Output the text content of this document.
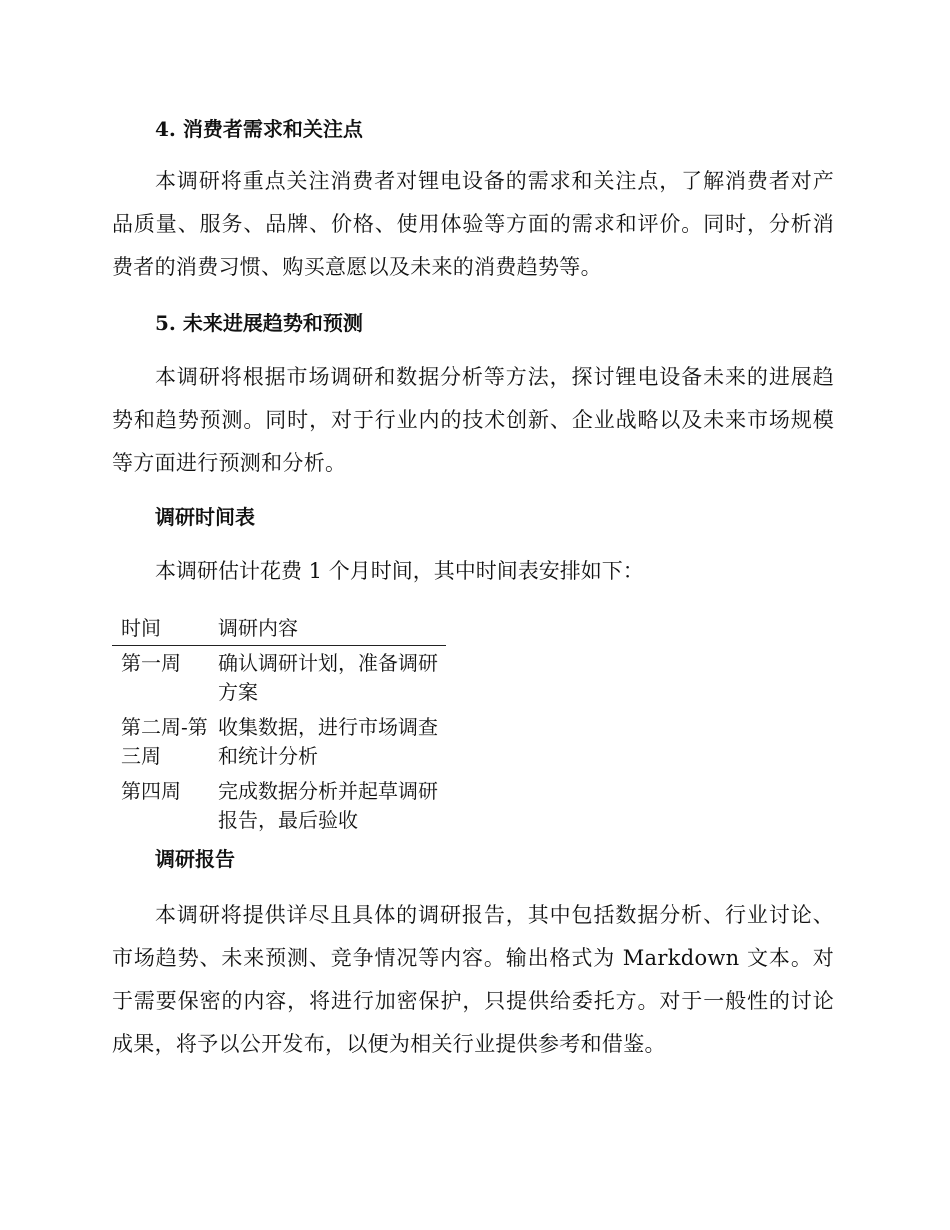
4. 消费者需求和关注点
本调研将重点关注消费者对锂电设备的需求和关注点，了解消费者对产品质量、服务、品牌、价格、使用体验等方面的需求和评价。同时，分析消费者的消费习惯、购买意愿以及未来的消费趋势等。
5. 未来进展趋势和预测
本调研将根据市场调研和数据分析等方法，探讨锂电设备未来的进展趋势和趋势预测。同时，对于行业内的技术创新、企业战略以及未来市场规模等方面进行预测和分析。
调研时间表
本调研估计花费 1 个月时间，其中时间表安排如下：
时间	调研内容
第一周	确认调研计划，准备调研方案
第二周-第三周	收集数据，进行市场调查和统计分析
第四周	完成数据分析并起草调研报告，最后验收
调研报告
本调研将提供详尽且具体的调研报告，其中包括数据分析、行业讨论、市场趋势、未来预测、竞争情况等内容。输出格式为 Markdown 文本。对于需要保密的内容，将进行加密保护，只提供给委托方。对于一般性的讨论成果，将予以公开发布，以便为相关行业提供参考和借鉴。
